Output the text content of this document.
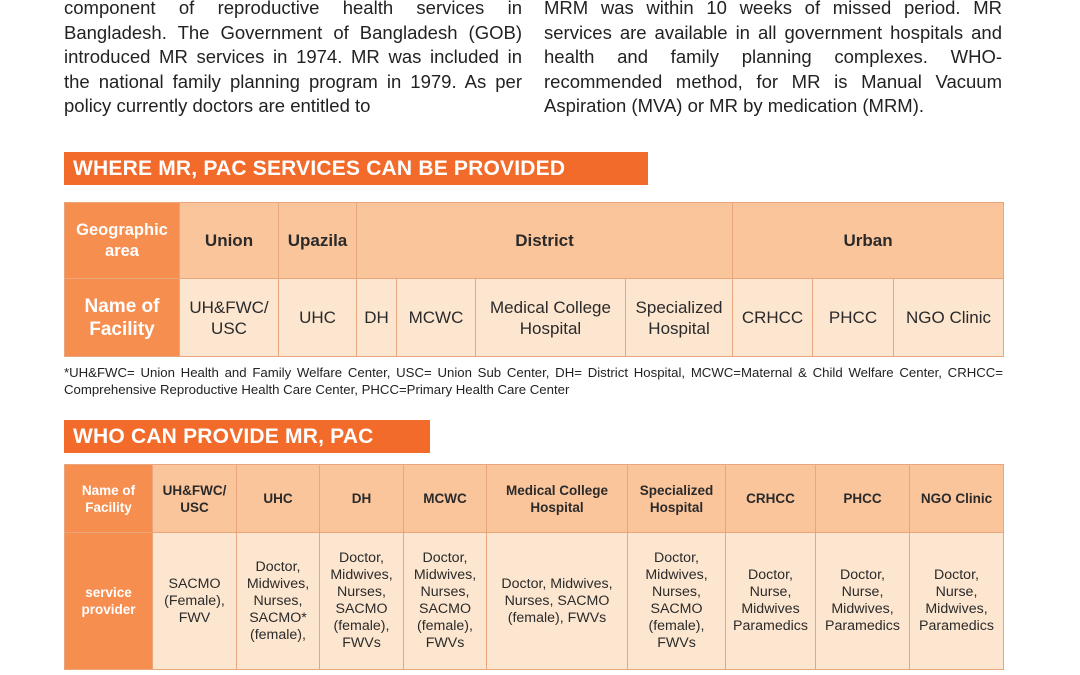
component of reproductive health services in Bangladesh. The Government of Bangladesh (GOB) introduced MR services in 1974. MR was included in the national family planning program in 1979. As per policy currently doctors are entitled to
MRM was within 10 weeks of missed period. MR services are available in all government hospitals and health and family planning complexes. WHO-recommended method, for MR is Manual Vacuum Aspiration (MVA) or MR by medication (MRM).
WHERE MR, PAC SERVICES CAN BE PROVIDED
Geographic area	Union	Upazila	District				Urban		
Name of Facility	UH&FWC/ USC	UHC	DH	MCWC	Medical College Hospital	Specialized Hospital	CRHCC	PHCC	NGO Clinic
*UH&FWC= Union Health and Family Welfare Center, USC= Union Sub Center, DH= District Hospital, MCWC=Maternal & Child Welfare Center, CRHCC= Comprehensive Reproductive Health Care Center, PHCC=Primary Health Care Center
WHO CAN PROVIDE MR, PAC
Name of Facility	UH&FWC/ USC	UHC	DH	MCWC	Medical College Hospital	Specialized Hospital	CRHCC	PHCC	NGO Clinic
service provider	SACMO (Female), FWV	Doctor, Midwives, Nurses, SACMO* (female),	Doctor, Midwives, Nurses, SACMO (female), FWVs	Doctor, Midwives, Nurses, SACMO (female), FWVs	Doctor, Midwives, Nurses, SACMO (female), FWVs	Doctor, Midwives, Nurses, SACMO (female), FWVs	Doctor, Nurse, Midwives Paramedics	Doctor, Nurse, Midwives, Paramedics	Doctor, Nurse, Midwives, Paramedics
